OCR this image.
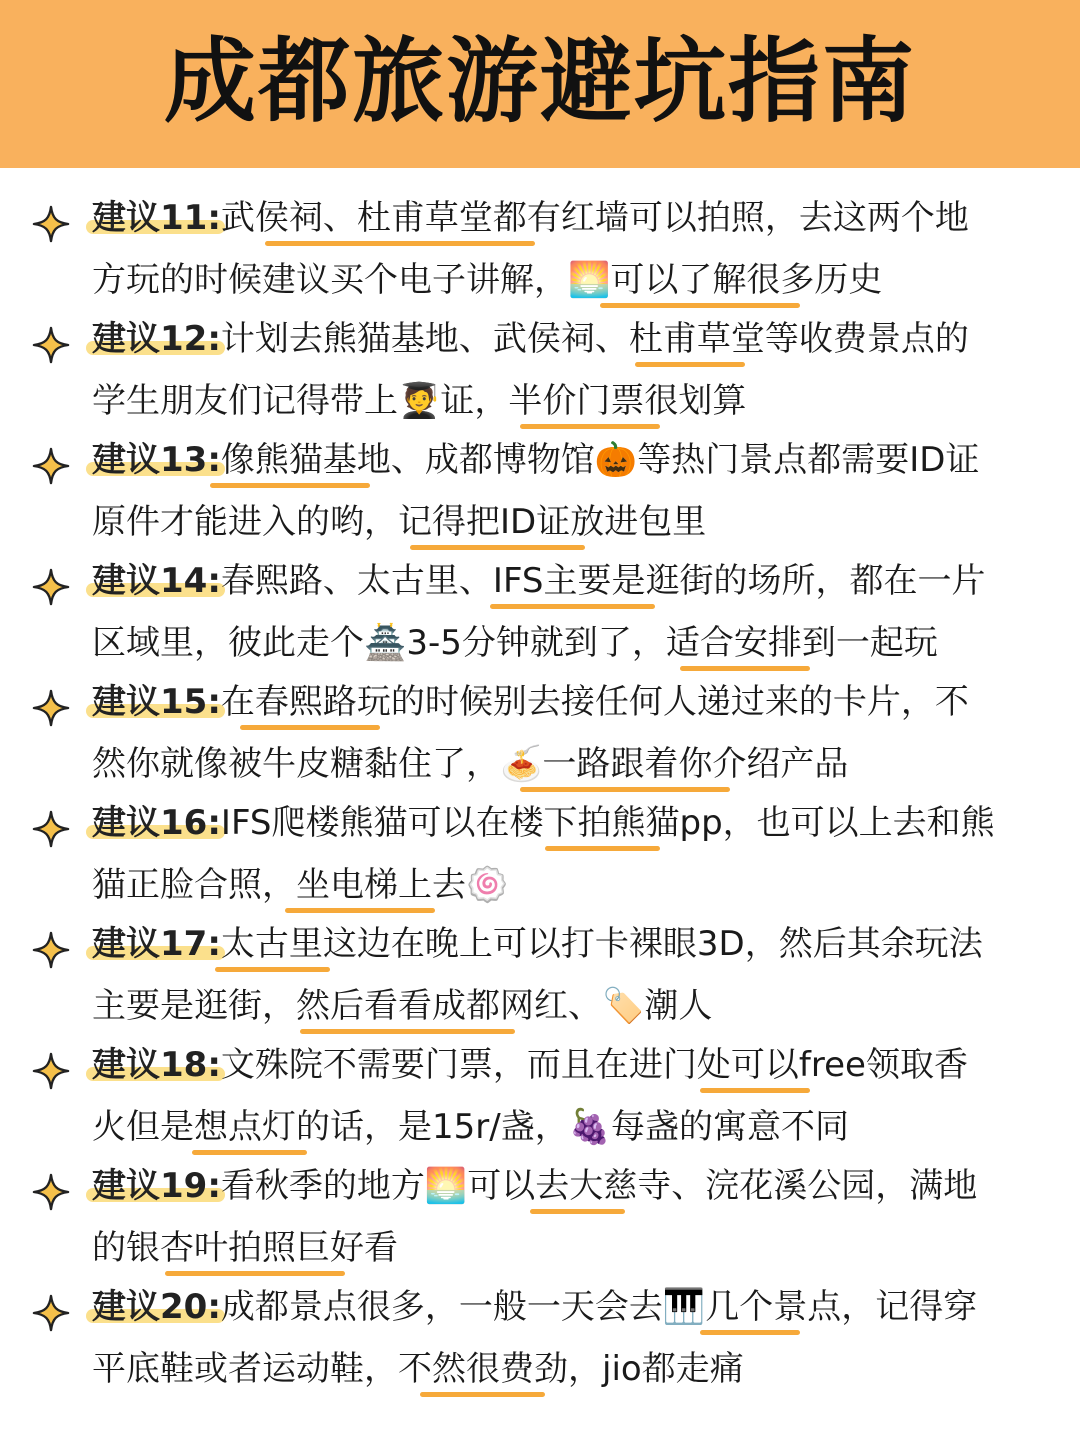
成都旅游避坑指南
建议11:武侯祠、杜甫草堂都有红墙可以拍照，去这两个地
方玩的时候建议买个电子讲解，🌅可以了解很多历史
建议12:计划去熊猫基地、武侯祠、杜甫草堂等收费景点的
学生朋友们记得带上🧑‍🎓证，半价门票很划算
建议13:像熊猫基地、成都博物馆🎃等热门景点都需要ID证
原件才能进入的哟，记得把ID证放进包里
建议14:春熙路、太古里、IFS主要是逛街的场所，都在一片
区域里，彼此走个🏯3-5分钟就到了，适合安排到一起玩
建议15:在春熙路玩的时候别去接任何人递过来的卡片，不
然你就像被牛皮糖黏住了，🍝一路跟着你介绍产品
建议16:IFS爬楼熊猫可以在楼下拍熊猫pp，也可以上去和熊
猫正脸合照，坐电梯上去🍥
建议17:太古里这边在晚上可以打卡裸眼3D，然后其余玩法
主要是逛街，然后看看成都网红、🏷️潮人
建议18:文殊院不需要门票，而且在进门处可以free领取香
火但是想点灯的话，是15r/盏，🍇每盏的寓意不同
建议19:看秋季的地方🌅可以去大慈寺、浣花溪公园，满地
的银杏叶拍照巨好看
建议20:成都景点很多，一般一天会去🎹几个景点，记得穿
平底鞋或者运动鞋，不然很费劲，jio都走痛
